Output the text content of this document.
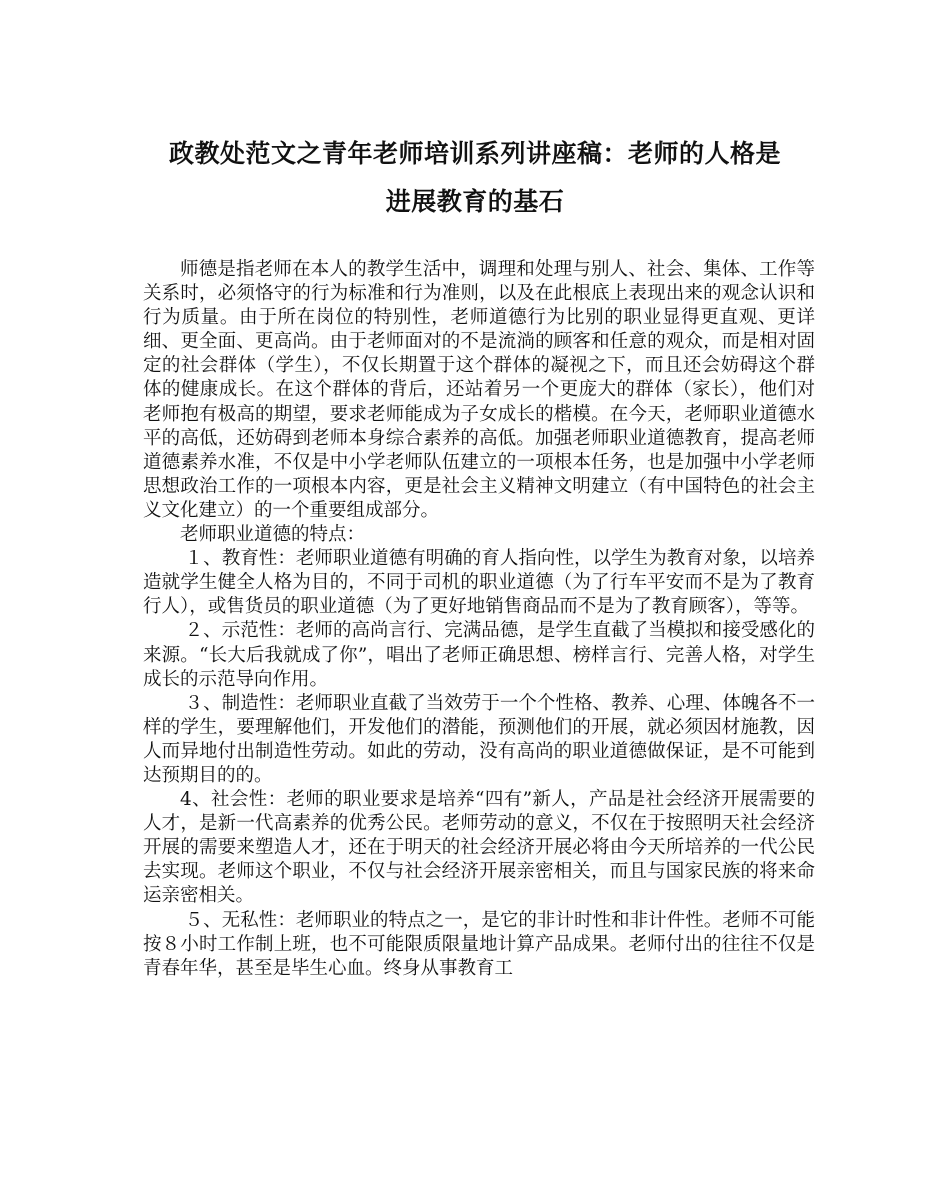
政教处范文之青年老师培训系列讲座稿：老师的人格是
进展教育的基石

师德是指老师在本人的教学生活中，调理和处理与别人、社会、集体、工作等关系时，必须恪守的行为标准和行为准则，以及在此根底上表现出来的观念认识和行为质量。由于所在岗位的特别性，老师道德行为比别的职业显得更直观、更详细、更全面、更高尚。由于老师面对的不是流淌的顾客和任意的观众，而是相对固定的社会群体（学生），不仅长期置于这个群体的凝视之下，而且还会妨碍这个群体的健康成长。在这个群体的背后，还站着另一个更庞大的群体（家长），他们对老师抱有极高的期望，要求老师能成为子女成长的楷模。在今天，老师职业道德水平的高低，还妨碍到老师本身综合素养的高低。加强老师职业道德教育，提高老师道德素养水准，不仅是中小学老师队伍建立的一项根本任务，也是加强中小学老师思想政治工作的一项根本内容，更是社会主义精神文明建立（有中国特色的社会主义文化建立）的一个重要组成部分。

老师职业道德的特点：

１、教育性：老师职业道德有明确的育人指向性，以学生为教育对象，以培养造就学生健全人格为目的，不同于司机的职业道德（为了行车平安而不是为了教育行人），或售货员的职业道德（为了更好地销售商品而不是为了教育顾客），等等。

２、示范性：老师的高尚言行、完满品德，是学生直截了当模拟和接受感化的来源。“长大后我就成了你”，唱出了老师正确思想、榜样言行、完善人格，对学生成长的示范导向作用。

３、制造性：老师职业直截了当效劳于一个个性格、教养、心理、体魄各不一样的学生，要理解他们，开发他们的潜能，预测他们的开展，就必须因材施教，因人而异地付出制造性劳动。如此的劳动，没有高尚的职业道德做保证，是不可能到达预期目的的。

4、社会性：老师的职业要求是培养“四有”新人，产品是社会经济开展需要的人才，是新一代高素养的优秀公民。老师劳动的意义，不仅在于按照明天社会经济开展的需要来塑造人才，还在于明天的社会经济开展必将由今天所培养的一代公民去实现。老师这个职业，不仅与社会经济开展亲密相关，而且与国家民族的将来命运亲密相关。

５、无私性：老师职业的特点之一，是它的非计时性和非计件性。老师不可能按８小时工作制上班，也不可能限质限量地计算产品成果。老师付出的往往不仅是青春年华，甚至是毕生心血。终身从事教育工
